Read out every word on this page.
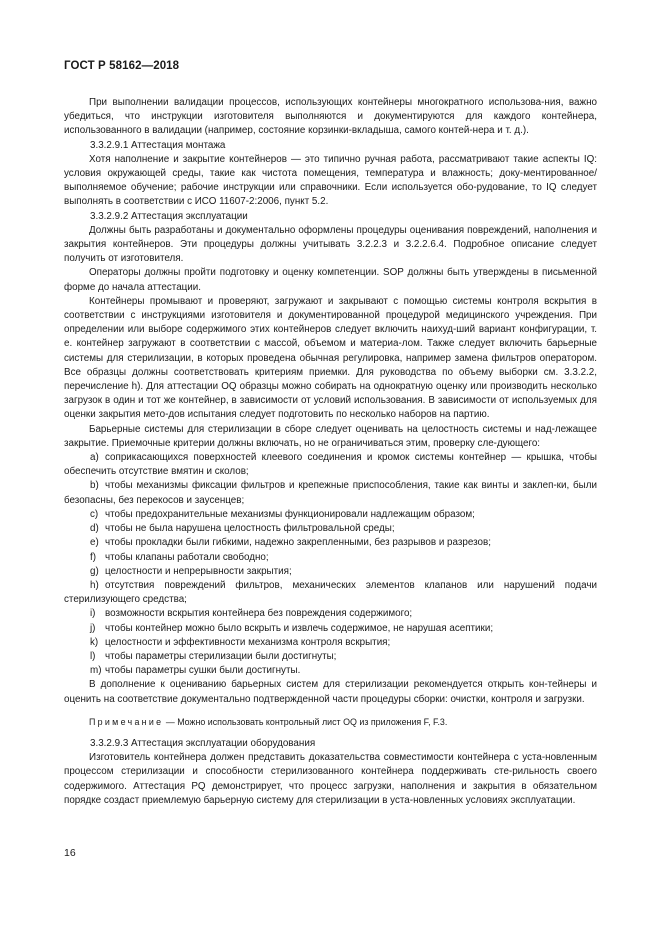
ГОСТ Р 58162—2018

При выполнении валидации процессов, использующих контейнеры многократного использова-ния, важно убедиться, что инструкции изготовителя выполняются и документируются для каждого контейнера, использованного в валидации (например, состояние корзинки-вкладыша, самого контей-нера и т. д.).

3.3.2.9.1 Аттестация монтажа

Хотя наполнение и закрытие контейнеров — это типично ручная работа, рассматривают такие аспекты IQ: условия окружающей среды, такие как чистота помещения, температура и влажность; доку-ментированное/выполняемое обучение; рабочие инструкции или справочники. Если используется обо-рудование, то IQ следует выполнять в соответствии с ИСО 11607-2:2006, пункт 5.2.

3.3.2.9.2 Аттестация эксплуатации

Должны быть разработаны и документально оформлены процедуры оценивания повреждений, наполнения и закрытия контейнеров. Эти процедуры должны учитывать 3.2.2.3 и 3.2.2.6.4. Подробное описание следует получить от изготовителя.

Операторы должны пройти подготовку и оценку компетенции. SOP должны быть утверждены в письменной форме до начала аттестации.

Контейнеры промывают и проверяют, загружают и закрывают с помощью системы контроля вскрытия в соответствии с инструкциями изготовителя и документированной процедурой медицинского учреждения. При определении или выборе содержимого этих контейнеров следует включить наихуд-ший вариант конфигурации, т. е. контейнер загружают в соответствии с массой, объемом и материа-лом. Также следует включить барьерные системы для стерилизации, в которых проведена обычная регулировка, например замена фильтров оператором. Все образцы должны соответствовать критериям приемки. Для руководства по объему выборки см. 3.3.2.2, перечисление h). Для аттестации OQ образцы можно собирать на однократную оценку или производить несколько загрузок в один и тот же контейнер, в зависимости от условий использования. В зависимости от используемых для оценки закрытия мето-дов испытания следует подготовить по несколько наборов на партию.

Барьерные системы для стерилизации в сборе следует оценивать на целостность системы и над-лежащее закрытие. Приемочные критерии должны включать, но не ограничиваться этим, проверку сле-дующего:

a) соприкасающихся поверхностей клеевого соединения и кромок системы контейнер — крышка, чтобы обеспечить отсутствие вмятин и сколов;

b) чтобы механизмы фиксации фильтров и крепежные приспособления, такие как винты и заклеп-ки, были безопасны, без перекосов и заусенцев;

c) чтобы предохранительные механизмы функционировали надлежащим образом;

d) чтобы не была нарушена целостность фильтровальной среды;

e) чтобы прокладки были гибкими, надежно закрепленными, без разрывов и разрезов;

f) чтобы клапаны работали свободно;

g) целостности и непрерывности закрытия;

h) отсутствия повреждений фильтров, механических элементов клапанов или нарушений подачи стерилизующего средства;

i) возможности вскрытия контейнера без повреждения содержимого;

j) чтобы контейнер можно было вскрыть и извлечь содержимое, не нарушая асептики;

k) целостности и эффективности механизма контроля вскрытия;

l) чтобы параметры стерилизации были достигнуты;

m) чтобы параметры сушки были достигнуты.

В дополнение к оцениванию барьерных систем для стерилизации рекомендуется открыть кон-тейнеры и оценить на соответствие документально подтвержденной части процедуры сборки: очистки, контроля и загрузки.

Примечание — Можно использовать контрольный лист OQ из приложения F, F.3.

3.3.2.9.3 Аттестация эксплуатации оборудования

Изготовитель контейнера должен представить доказательства совместимости контейнера с уста-новленным процессом стерилизации и способности стерилизованного контейнера поддерживать сте-рильность своего содержимого. Аттестация PQ демонстрирует, что процесс загрузки, наполнения и закрытия в обязательном порядке создаст приемлемую барьерную систему для стерилизации в уста-новленных условиях эксплуатации.

16
